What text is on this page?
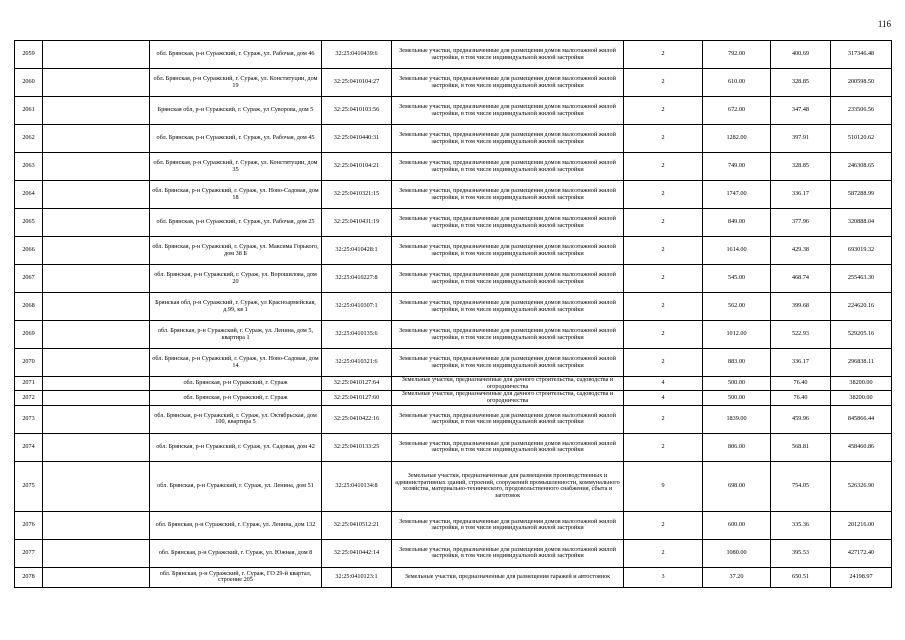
116
2059		обл. Брянская, р-н Суражский, г. Сураж, ул. Рабочая, дом 46	32:25:0410439:6	Земельные участки, предназначенные для размещения домов малоэтажной жилой застройки, в том числе индивидуальной жилой застройки	2	792.00	400.69	317346.48
2060		обл. Брянская, р-н Суражский, г. Сураж, ул. Конституции, дом 19	32:25:0410104:27	Земельные участки, предназначенные для размещения домов малоэтажной жилой застройки, в том числе индивидуальной жилой застройки	2	610.00	328.85	200598.50
2061		Брянская обл, р-н Суражский, г. Сураж, ул Суворова, дом 5	32:25:0410103:56	Земельные участки, предназначенные для размещения домов малоэтажной жилой застройки, в том числе индивидуальной жилой застройки	2	672.00	347.48	233506.56
2062		обл. Брянская, р-н Суражский, г. Сураж, ул. Рабочая, дом 45	32:25:0410440:31	Земельные участки, предназначенные для размещения домов малоэтажной жилой застройки, в том числе индивидуальной жилой застройки	2	1282.00	397.91	510120.62
2063		обл. Брянская, р-н Суражский, г. Сураж, ул. Конституции, дом 35	32:25:0410104:21	Земельные участки, предназначенные для размещения домов малоэтажной жилой застройки, в том числе индивидуальной жилой застройки	2	749.00	328.85	246308.65
2064		обл. Брянская, р-н Суражский, г. Сураж, ул. Ново-Садовая, дом 18	32:25:0410321:15	Земельные участки, предназначенные для размещения домов малоэтажной жилой застройки, в том числе индивидуальной жилой застройки	2	1747.00	336.17	587288.99
2065		обл. Брянская, р-н Суражский, г. Сураж, ул. Рабочая, дом 25	32:25:0410431:19	Земельные участки, предназначенные для размещения домов малоэтажной жилой застройки, в том числе индивидуальной жилой застройки	2	849.00	377.96	320888.04
2066		обл. Брянская, р-н Суражский, г. Сураж, ул. Максима Горького, дом 38 Б	32:25:0410428:1	Земельные участки, предназначенные для размещения домов малоэтажной жилой застройки, в том числе индивидуальной жилой застройки	2	1614.00	429.38	693019.32
2067		обл. Брянская, р-н Суражский, г. Сураж, ул. Ворошилова, дом 20	32:25:0410227:8	Земельные участки, предназначенные для размещения домов малоэтажной жилой застройки, в том числе индивидуальной жилой застройки	2	545.00	468.74	255463.30
2068		Брянская обл, р-н Суражский, г. Сураж, ул Красноармейская, д.99, кв 1	32:25:0410307:1	Земельные участки, предназначенные для размещения домов малоэтажной жилой застройки, в том числе индивидуальной жилой застройки	2	562.00	399.68	224620.16
2069		обл. Брянская, р-н Суражский, г. Сураж, ул. Ленина, дом 5, квартира 1	32:25:0410135:6	Земельные участки, предназначенные для размещения домов малоэтажной жилой застройки, в том числе индивидуальной жилой застройки	2	1012.00	522.93	529205.16
2070		обл. Брянская, р-н Суражский, г. Сураж, ул. Ново-Садовая, дом 14	32:25:0410321:6	Земельные участки, предназначенные для размещения домов малоэтажной жилой застройки, в том числе индивидуальной жилой застройки	2	883.00	336.17	296838.11
2071		обл. Брянская, р-н Суражский, г. Сураж	32:25:0410127:64	Земельные участки, предназначенные для дачного строительства, садоводства и огородничества	4	500.00	76.40	38200.00
2072		обл. Брянская, р-н Суражский, г. Сураж	32:25:0410127:60	Земельные участки, предназначенные для дачного строительства, садоводства и огородничества	4	500.00	76.40	38200.00
2073		обл. Брянская, р-н Суражский, г. Сураж, ул. Октябрьская, дом 100, квартира 5	32:25:0410422:16	Земельные участки, предназначенные для размещения домов малоэтажной жилой застройки, в том числе индивидуальной жилой застройки	2	1839.00	459.96	845866.44
2074		обл. Брянская, р-н Суражский, г. Сураж, ул. Садовая, дом 42	32:25:0410133:25	Земельные участки, предназначенные для размещения домов малоэтажной жилой застройки, в том числе индивидуальной жилой застройки	2	806.00	568.81	458460.86
2075		обл. Брянская, р-н Суражский, г. Сураж, ул. Ленина, дом 51	32:25:0410134:8	Земельные участки, предназначенные для размещения производственных и административных зданий, строений, сооружений промышленности, коммунального хозяйства, материально-технического, продовольственного снабжения, сбыта и заготовок	9	698.00	754.05	526326.90
2076		обл. Брянская, р-н Суражский, г. Сураж, ул. Ленина, дом 132	32:25:0410512:21	Земельные участки, предназначенные для размещения домов малоэтажной жилой застройки, в том числе индивидуальной жилой застройки	2	600.00	335.36	201216.00
2077		обл. Брянская, р-н Суражский, г. Сураж, ул. Южная, дом 8	32:25:0410442:14	Земельные участки, предназначенные для размещения домов малоэтажной жилой застройки, в том числе индивидуальной жилой застройки	2	1080.00	395.53	427172.40
2078		обл. Брянская, р-н Суражский, г. Сураж, ГО 29-й квартал, строение 205	32:25:0410123:1	Земельные участки, предназначенные для размещения гаражей и автостоянок	3	37.20	650.51	24198.97
